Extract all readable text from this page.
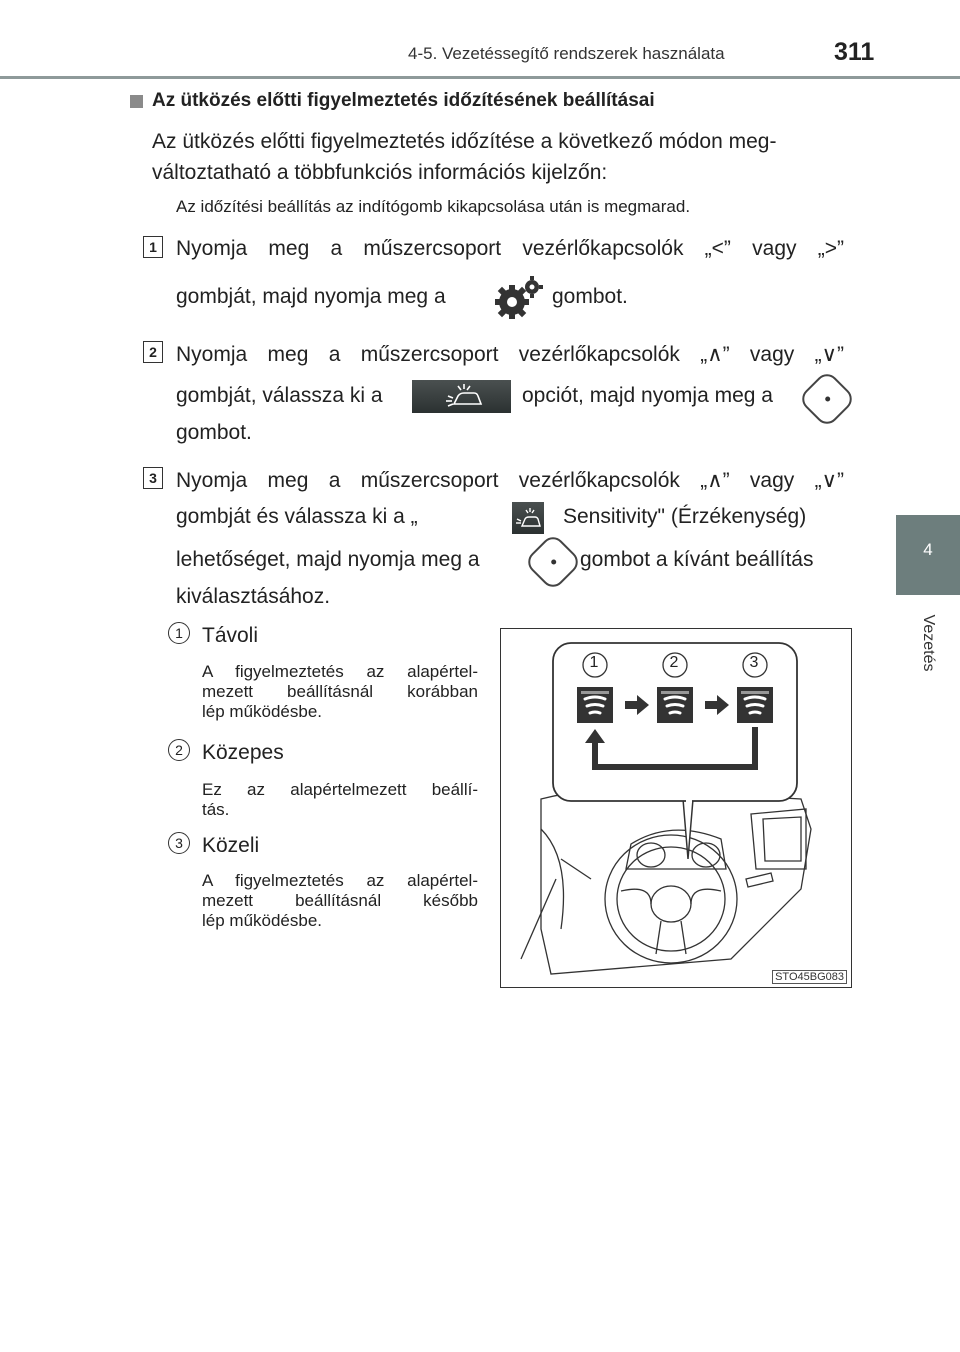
4-5. Vezetéssegítő rendszerek használata	311
4
Vezetés
Az ütközés előtti figyelmeztetés időzítésének beállításai
Az ütközés előtti figyelmeztetés időzítése a következő módon meg-
változtatható a többfunkciós információs kijelzőn:
Az időzítési beállítás az indítógomb kikapcsolása után is megmarad.
1 Nyomja meg a műszercsoport vezérlőkapcsolók „<” vagy „>”
gombját, majd nyomja meg a	gombot.
2 Nyomja meg a műszercsoport vezérlőkapcsolók „∧” vagy „∨”
gombját, válassza ki a	opciót, majd nyomja meg a
gombot.
3 Nyomja meg a műszercsoport vezérlőkapcsolók „∧” vagy „∨”
gombját és válassza ki a „	Sensitivity" (Érzékenység)
lehetőséget, majd nyomja meg a	gombot a kívánt beállítás
kiválasztásához.
1 Távoli
A figyelmeztetés az alapértel-
mezett beállításnál korábban
lép működésbe.
2 Közepes
Ez az alapértelmezett beállí-
tás.
3 Közeli
A figyelmeztetés az alapértel-
mezett beállításnál később
lép működésbe.
1	2	3
STO45BG083
